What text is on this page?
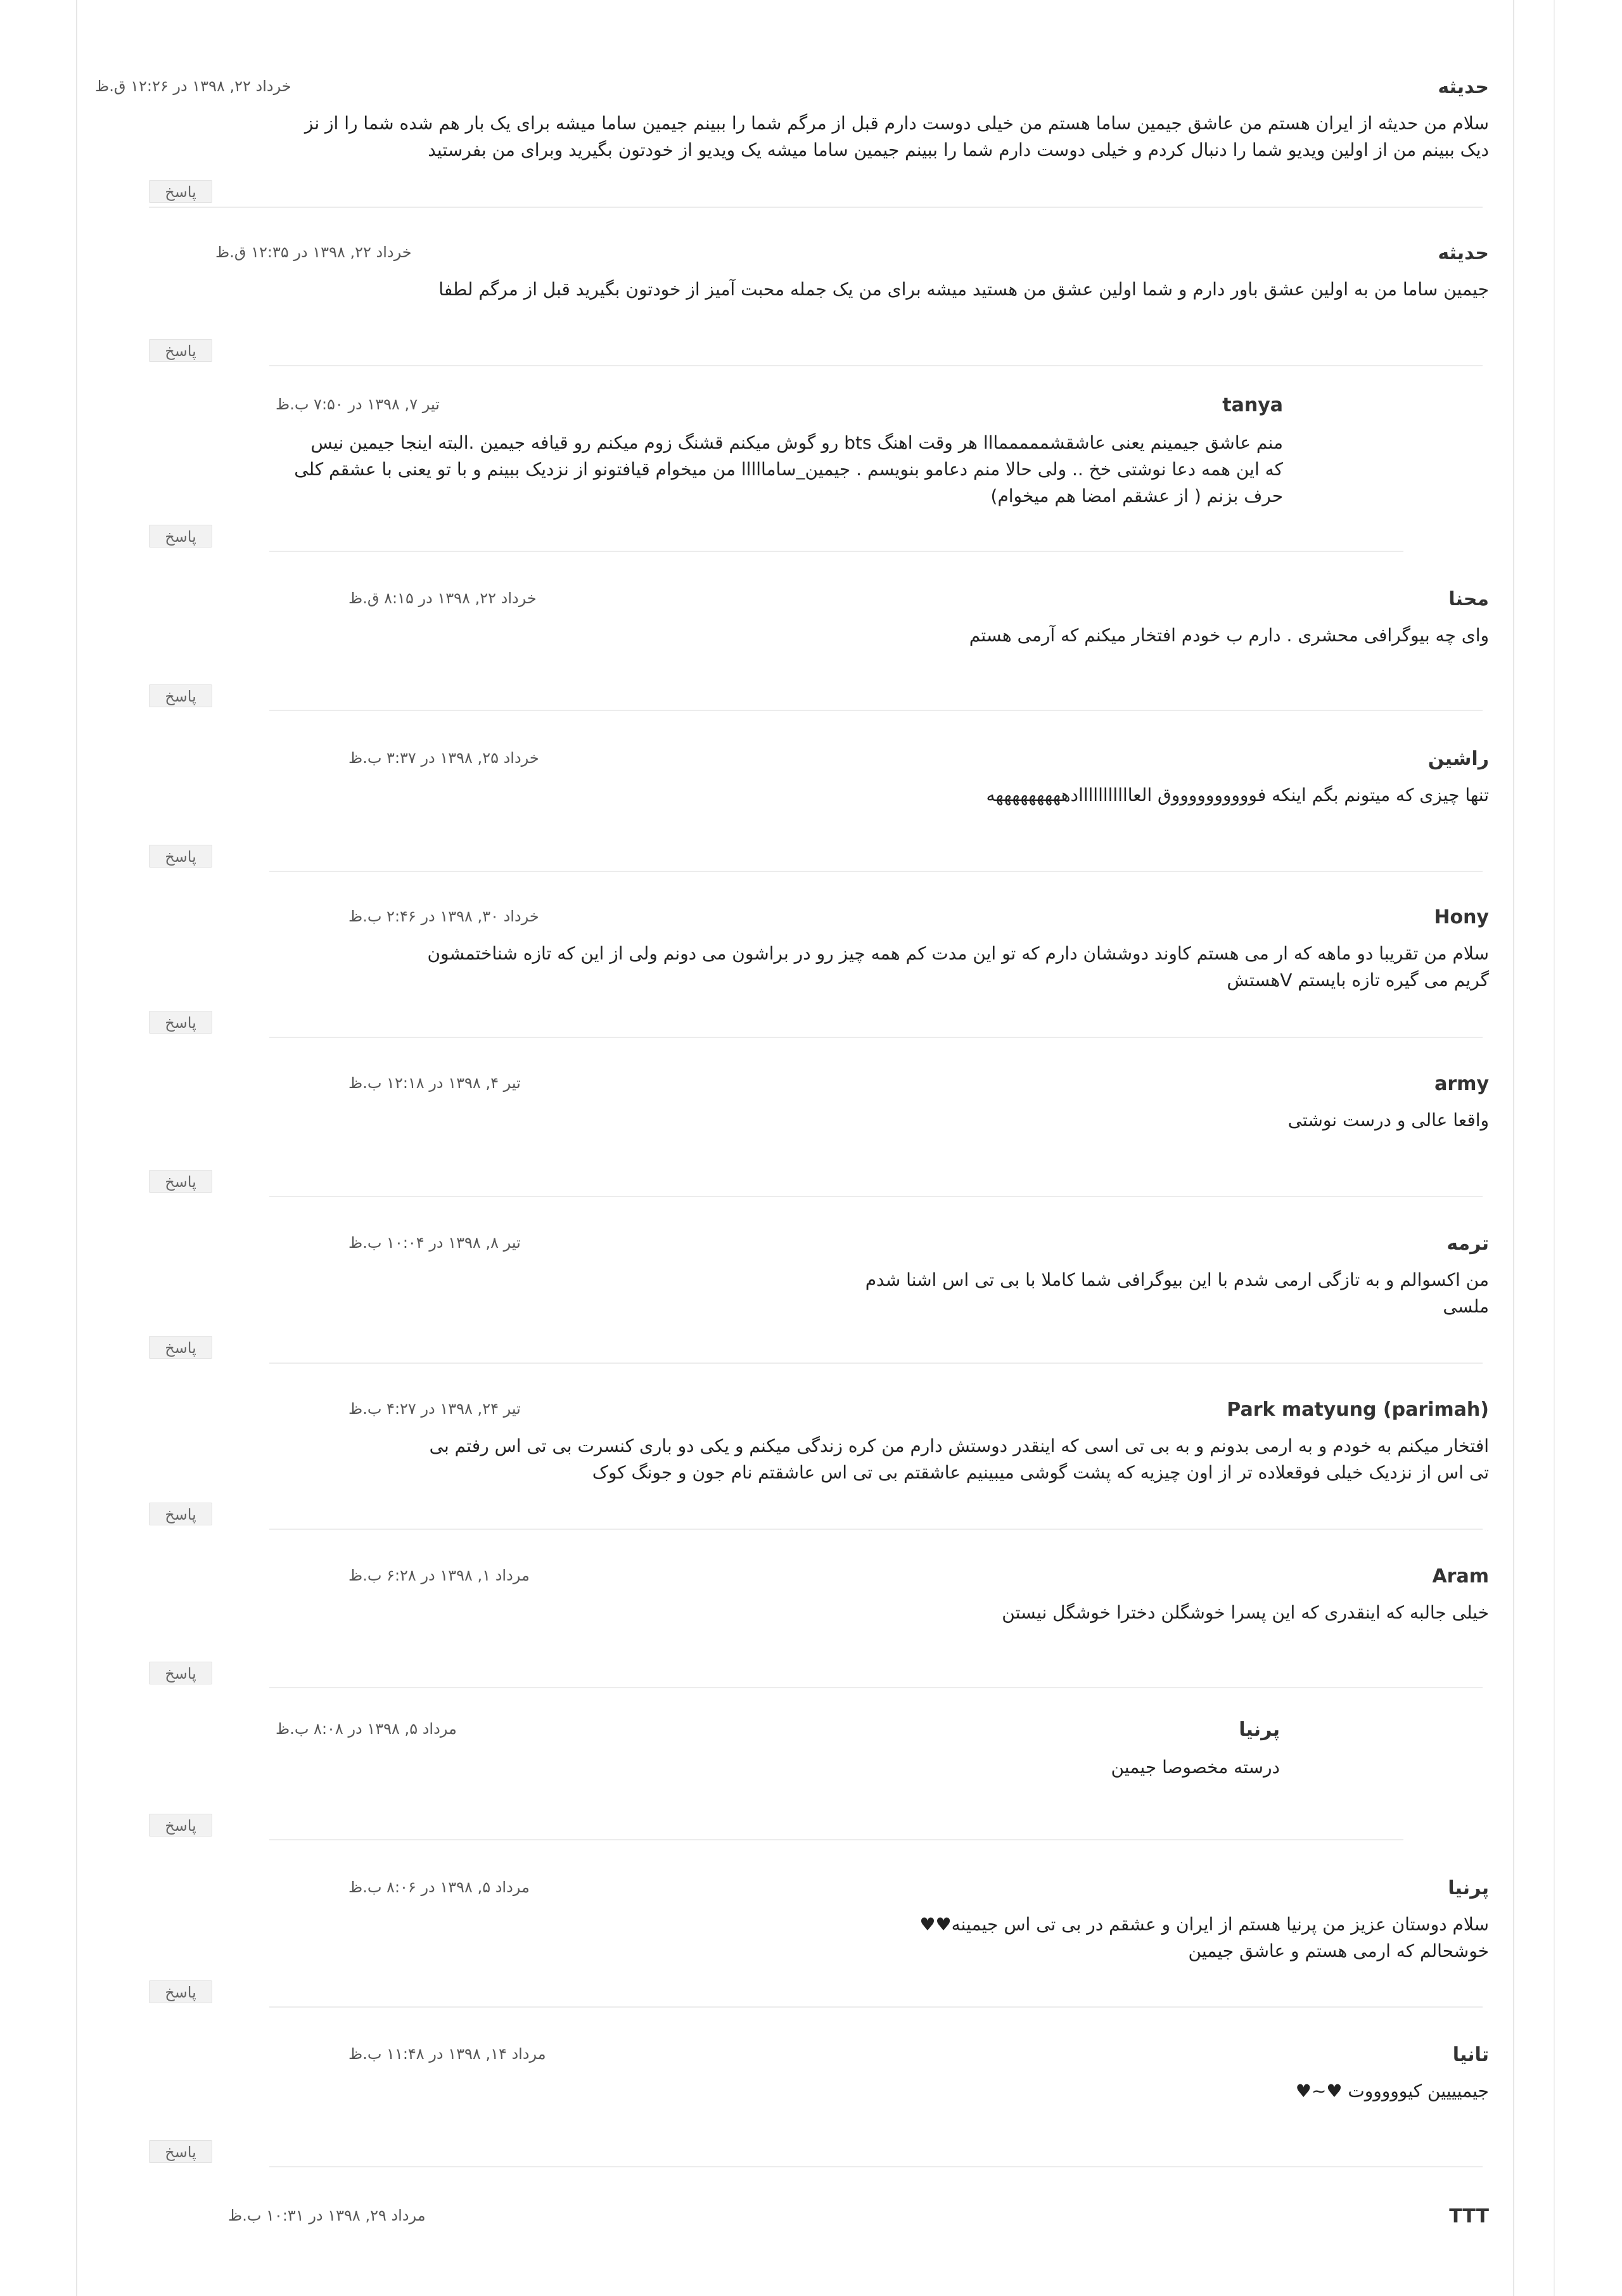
حدیثه
خرداد ۲۲, ۱۳۹۸ در ۱۲:۲۶ ق.ظ
سلام من حدیثه از ایران هستم من عاشق جیمین ساما هستم من خیلی دوست دارم قبل از مرگم شما را ببینم جیمین ساما میشه برای یک بار هم شده شما را از نز
دیک ببینم من از اولین ویدیو شما را دنبال کردم و خیلی دوست دارم شما را ببینم جیمین ساما میشه یک ویدیو از خودتون بگیرید وبرای من بفرستید
پاسخ
حدیثه
خرداد ۲۲, ۱۳۹۸ در ۱۲:۳۵ ق.ظ
جیمین ساما من به اولین عشق باور دارم و شما اولین عشق من هستید میشه برای من یک جمله محبت آمیز از خودتون بگیرید قبل از مرگم لطفا
پاسخ
tanya
تیر ۷, ۱۳۹۸ در ۷:۵۰ ب.ظ
منم عاشق جیمینم یعنی عاشقشمممممااا هر وقت اهنگ bts رو گوش میکنم قشنگ زوم میکنم رو قیافه جیمین .البته اینجا جیمین نیس
که این همه دعا نوشتی خخ .. ولی حالا منم دعامو بنویسم . جیمین_سامااااا من میخوام قیافتونو از نزدیک ببینم و با تو یعنی با عشقم کلی
حرف بزنم ( از عشقم امضا هم میخوام)
پاسخ
محنا
خرداد ۲۲, ۱۳۹۸ در ۸:۱۵ ق.ظ
وای چه بیوگرافی محشری . دارم ب خودم افتخار میکنم که آرمی هستم
پاسخ
راشین
خرداد ۲۵, ۱۳۹۸ در ۳:۳۷ ب.ظ
تنها چیزی که میتونم بگم اینکه فووووووووووق العااااااااااادهههههههههه
پاسخ
Hony
خرداد ۳۰, ۱۳۹۸ در ۲:۴۶ ب.ظ
سلام من تقریبا دو ماهه که ار می هستم کاوند دوششان دارم که تو این مدت کم همه چیز رو در براشون می دونم ولی از این که تازه شناختمشون
گریم می گیره تازه بایستم Vهستش
پاسخ
army
تیر ۴, ۱۳۹۸ در ۱۲:۱۸ ب.ظ
واقعا عالی و درست نوشتی
پاسخ
ترمه
تیر ۸, ۱۳۹۸ در ۱۰:۰۴ ب.ظ
من اکسوالم و به تازگی ارمی شدم با این بیوگرافی شما کاملا با بی تی اس اشنا شدم
ملسی
پاسخ
Park matyung (parimah)
تیر ۲۴, ۱۳۹۸ در ۴:۲۷ ب.ظ
افتخار میکنم به خودم و به ارمی بدونم و به بی تی اسی که اینقدر دوستش دارم من کره زندگی میکنم و یکی دو باری کنسرت بی تی اس رفتم بی
تی اس از نزدیک خیلی فوقعلاده تر از اون چیزیه که پشت گوشی میبینیم عاشقتم بی تی اس عاشقتم نام جون و جونگ کوک
پاسخ
Aram
مرداد ۱, ۱۳۹۸ در ۶:۲۸ ب.ظ
خیلی جالبه که اینقدری که این پسرا خوشگلن دخترا خوشگل نیستن
پاسخ
پرنیا
مرداد ۵, ۱۳۹۸ در ۸:۰۸ ب.ظ
درسته مخصوصا جیمین
پاسخ
پرنیا
مرداد ۵, ۱۳۹۸ در ۸:۰۶ ب.ظ
سلام دوستان عزیز من پرنیا هستم از ایران و عشقم در بی تی اس جیمینه♥♥
خوشحالم که ارمی هستم و عاشق جیمین
پاسخ
تانیا
مرداد ۱۴, ۱۳۹۸ در ۱۱:۴۸ ب.ظ
جیمیییین کیوووووت ♥~♥
پاسخ
TTT
مرداد ۲۹, ۱۳۹۸ در ۱۰:۳۱ ب.ظ
